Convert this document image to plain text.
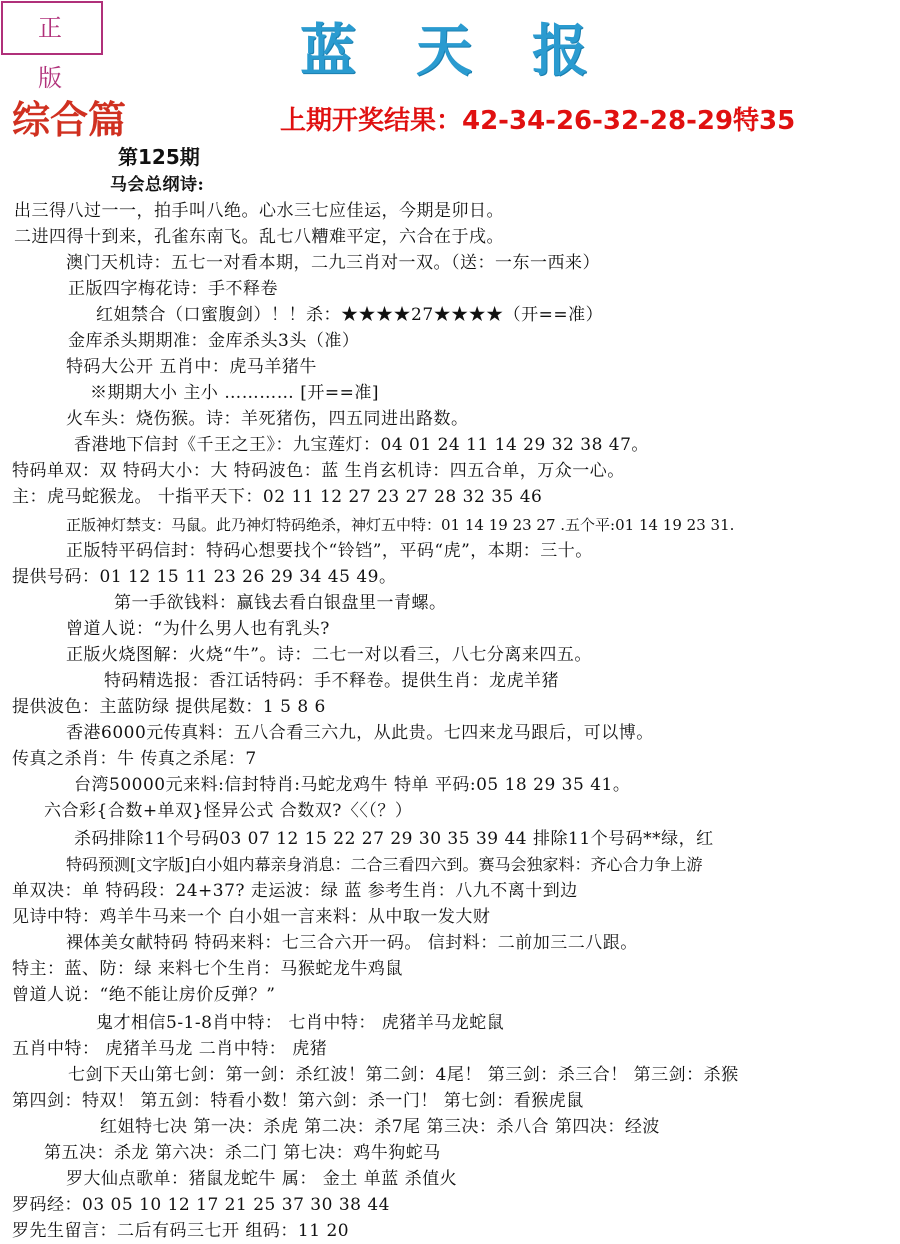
正 版	蓝天报
综合篇	上期开奖结果：42-34-26-32-28-29特35
第125期
马会总纲诗:
出三得八过一一，拍手叫八绝。心水三七应佳运，今期是卯日。
二进四得十到来，孔雀东南飞。乱七八糟难平定，六合在于戌。
澳门天机诗：五七一对看本期，二九三肖对一双。（送：一东一西来）
正版四字梅花诗：手不释卷
红姐禁合（口蜜腹剑）！！杀：★★★★27★★★★（开==准）
金库杀头期期准：金库杀头3头（准）
特码大公开 五肖中：虎马羊猪牛
※期期大小 主小 ………… [开==准]
火车头：烧伤猴。诗：羊死猪伤，四五同进出路数。
香港地下信封《千王之王》：九宝莲灯：04 01 24 11 14 29 32 38 47。
特码单双：双 特码大小：大 特码波色：蓝 生肖玄机诗：四五合单，万众一心。
主：虎马蛇猴龙。 十指平天下：02 11 12 27 23 27 28 32 35 46
正版神灯禁支：马鼠。此乃神灯特码绝杀，神灯五中特：01 14 19 23 27 .五个平:01 14 19 23 31.
正版特平码信封：特码心想要找个“铃铛”，平码“虎”，本期：三十。
提供号码：01 12 15 11 23 26 29 34 45 49。
第一手欲钱料：赢钱去看白银盘里一青螺。
曾道人说：“为什么男人也有乳头?
正版火烧图解：火烧“牛”。诗：二七一对以看三，八七分离来四五。
特码精选报：香江话特码：手不释卷。提供生肖：龙虎羊猪
提供波色：主蓝防绿 提供尾数：1 5 8 6
香港6000元传真料：五八合看三六九，从此贵。七四来龙马跟后，可以博。
传真之杀肖：牛 传真之杀尾：7
台湾50000元来料:信封特肖:马蛇龙鸡牛 特单 平码:05 18 29 35 41。
六合彩{合数+单双}怪异公式 合数双?〈〈（？）
杀码排除11个号码03 07 12 15 22 27 29 30 35 39 44 排除11个号码**绿，红
特码预测[文字版]白小姐内幕亲身消息：二合三看四六到。赛马会独家料：齐心合力争上游
单双决：单 特码段：24+37? 走运波：绿 蓝 参考生肖：八九不离十到边
见诗中特：鸡羊牛马来一个 白小姐一言来料：从中取一发大财
裸体美女献特码 特码来料：七三合六开一码。 信封料：二前加三二八跟。
特主：蓝、防：绿 来料七个生肖：马猴蛇龙牛鸡鼠
曾道人说：“绝不能让房价反弹？”
鬼才相信5-1-8肖中特： 七肖中特： 虎猪羊马龙蛇鼠
五肖中特： 虎猪羊马龙 二肖中特： 虎猪
七剑下天山第七剑：第一剑：杀红波！第二剑：4尾！ 第三剑：杀三合！ 第三剑：杀猴
第四剑：特双！ 第五剑：特看小数！第六剑：杀一门！ 第七剑：看猴虎鼠
红姐特七决 第一决：杀虎 第二决：杀7尾 第三决：杀八合 第四决：经波
第五决：杀龙 第六决：杀二门 第七决：鸡牛狗蛇马
罗大仙点歌单：猪鼠龙蛇牛 属： 金土 单蓝 杀值火
罗码经：03 05 10 12 17 21 25 37 30 38 44
罗先生留言：二后有码三七开 组码：11 20
